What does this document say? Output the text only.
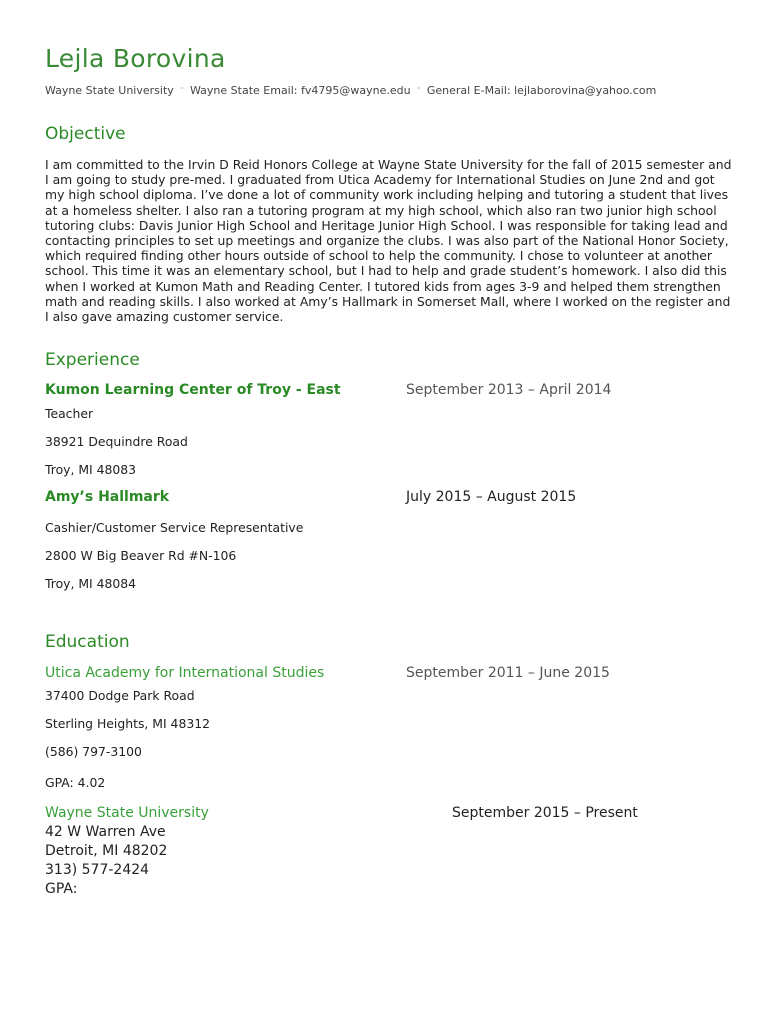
Lejla Borovina
Wayne State University ⁼ Wayne State Email: fv4795@wayne.edu ⁼ General E-Mail: lejlaborovina@yahoo.com
Objective
I am committed to the Irvin D Reid Honors College at Wayne State University for the fall of 2015 semester and I am going to study pre-med. I graduated from Utica Academy for International Studies on June 2nd and got my high school diploma. I’ve done a lot of community work including helping and tutoring a student that lives at a homeless shelter. I also ran a tutoring program at my high school, which also ran two junior high school tutoring clubs: Davis Junior High School and Heritage Junior High School. I was responsible for taking lead and contacting principles to set up meetings and organize the clubs. I was also part of the National Honor Society, which required finding other hours outside of school to help the community. I chose to volunteer at another school. This time it was an elementary school, but I had to help and grade student’s homework. I also did this when I worked at Kumon Math and Reading Center. I tutored kids from ages 3-9 and helped them strengthen math and reading skills. I also worked at Amy’s Hallmark in Somerset Mall, where I worked on the register and I also gave amazing customer service.
Experience
Kumon Learning Center of Troy - East	September 2013 – April 2014
Teacher
38921 Dequindre Road
Troy, MI 48083
Amy’s Hallmark	July 2015 – August 2015
Cashier/Customer Service Representative
2800 W Big Beaver Rd #N-106
Troy, MI 48084
Education
Utica Academy for International Studies	September 2011 – June 2015
37400 Dodge Park Road
Sterling Heights, MI 48312
(586) 797-3100
GPA: 4.02
Wayne State University	September 2015 – Present
42 W Warren Ave
Detroit, MI 48202
313) 577-2424
GPA:
